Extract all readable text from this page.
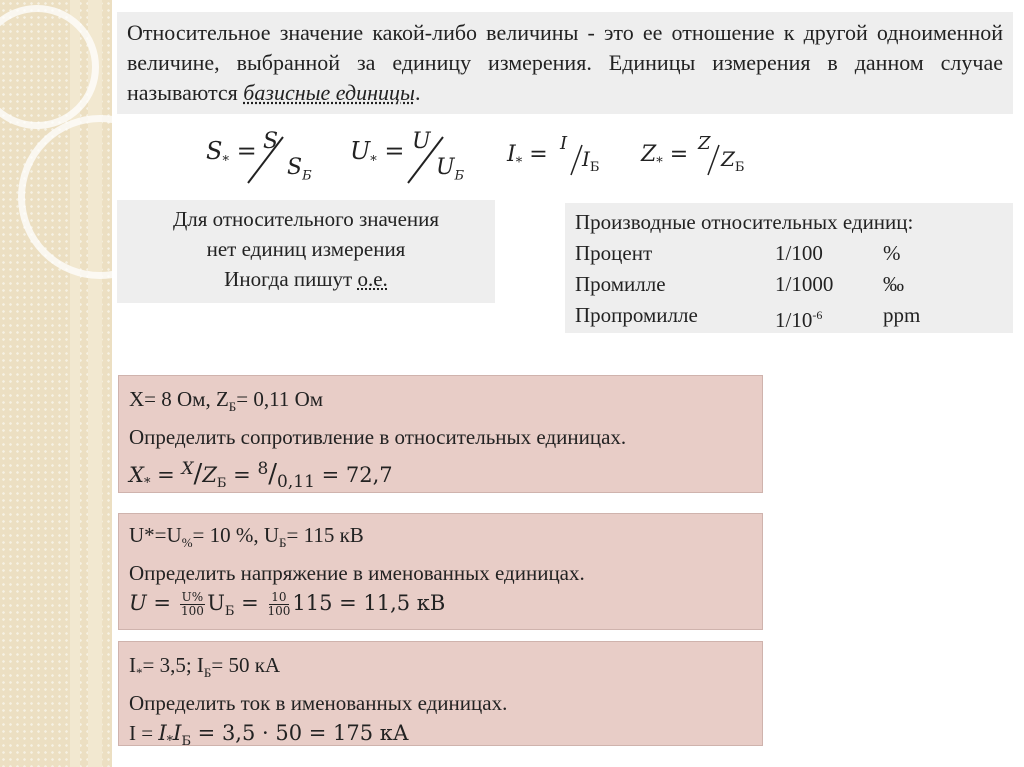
Относительное значение какой-либо величины - это ее отношение к другой одноименной величине, выбранной за единицу измерения. Единицы измерения в данном случае называются базисные единицы.
$S_* = S$
$S_Б$
$U_* = U$
$U_Б$
$I_* = I$
$I_Б$
$Z_* = Z$
$Z_Б$
Для относительного значения
нет единиц измерения
Иногда пишут о.е.
Производные относительных единиц:
Процент	1/100	%
Промилле	1/1000	‰
Пропромилле	$1/10^{-6}$	ppm
X= 8 Ом, $Z_Б= 0,11$ Ом
Определить сопротивление в относительных единицах.
$X_* = ^X/Z_Б = ^8/_{0,11} = 72,7$
$U*=U_{\%}= 10$ %, $U_Б= 115$ кВ
Определить напряжение в именованных единицах.
$U = \frac{U\%}{100} U_Б = \frac{10}{100} 115 = 11,5$ кВ
$I_*= 3,5$; $I_Б= 50$ кА
Определить ток в именованных единицах.
$I = I_*I_Б = 3,5 \cdot 50 = 175$ кА
